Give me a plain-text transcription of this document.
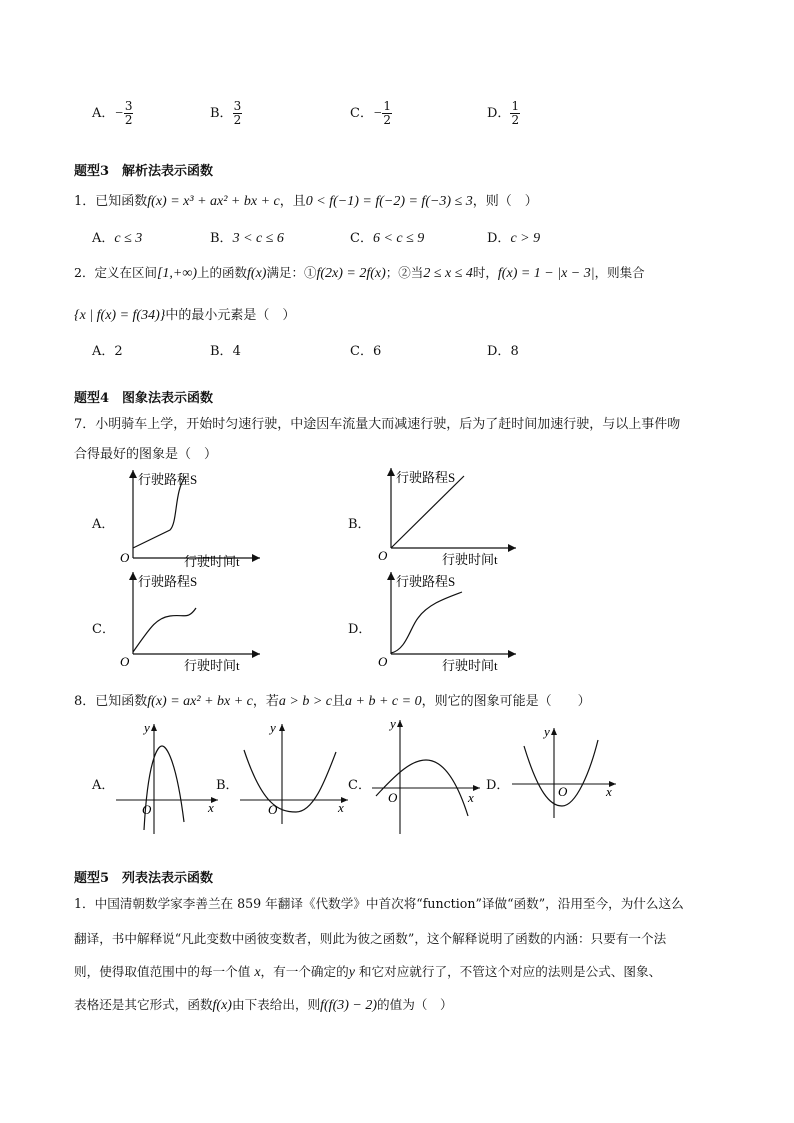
A．− $\frac{3}{2}$	B． $\frac{3}{2}$	C．− $\frac{1}{2}$	D． $\frac{1}{2}$
题型3　解析法表示函数
1．已知函数f(x) = x³ + ax² + bx + c，且0 < f(−1) = f(−2) = f(−3) ≤ 3，则（　）
A．c ≤ 3	B．3 < c ≤ 6	C．6 < c ≤ 9	D．c > 9
2．定义在区间[1,+∞)上的函数f(x)满足：①f(2x) = 2f(x)；②当2 ≤ x ≤ 4时，f(x) = 1 − |x − 3|，则集合
{x | f(x) = f(34)}中的最小元素是（　）
A．2	B．4	C．6	D．8
题型4　图象法表示函数
7．小明骑车上学，开始时匀速行驶，中途因车流量大而减速行驶，后为了赶时间加速行驶，与以上事件吻
合得最好的图象是（　）
A．	B．
C．	D．
行驶路程S
行驶时间t
O
行驶路程S
行驶时间t
O
行驶路程S
行驶时间t
O
行驶路程S
行驶时间t
O
8．已知函数f(x) = ax² + bx + c，若a > b > c且a + b + c = 0，则它的图象可能是（　　）
A．	B．	C．	D．
y
x
O
y
x
O
y
x
O
y
x
O
题型5　列表法表示函数
1．中国清朝数学家李善兰在 859 年翻译《代数学》中首次将“function”译做“函数”，沿用至今，为什么这么
翻译，书中解释说“凡此变数中函彼变数者，则此为彼之函数”，这个解释说明了函数的内涵：只要有一个法
则，使得取值范围中的每一个值 x，有一个确定的y 和它对应就行了，不管这个对应的法则是公式、图象、
表格还是其它形式，函数f(x)由下表给出，则f(f(3) − 2)的值为（　）
